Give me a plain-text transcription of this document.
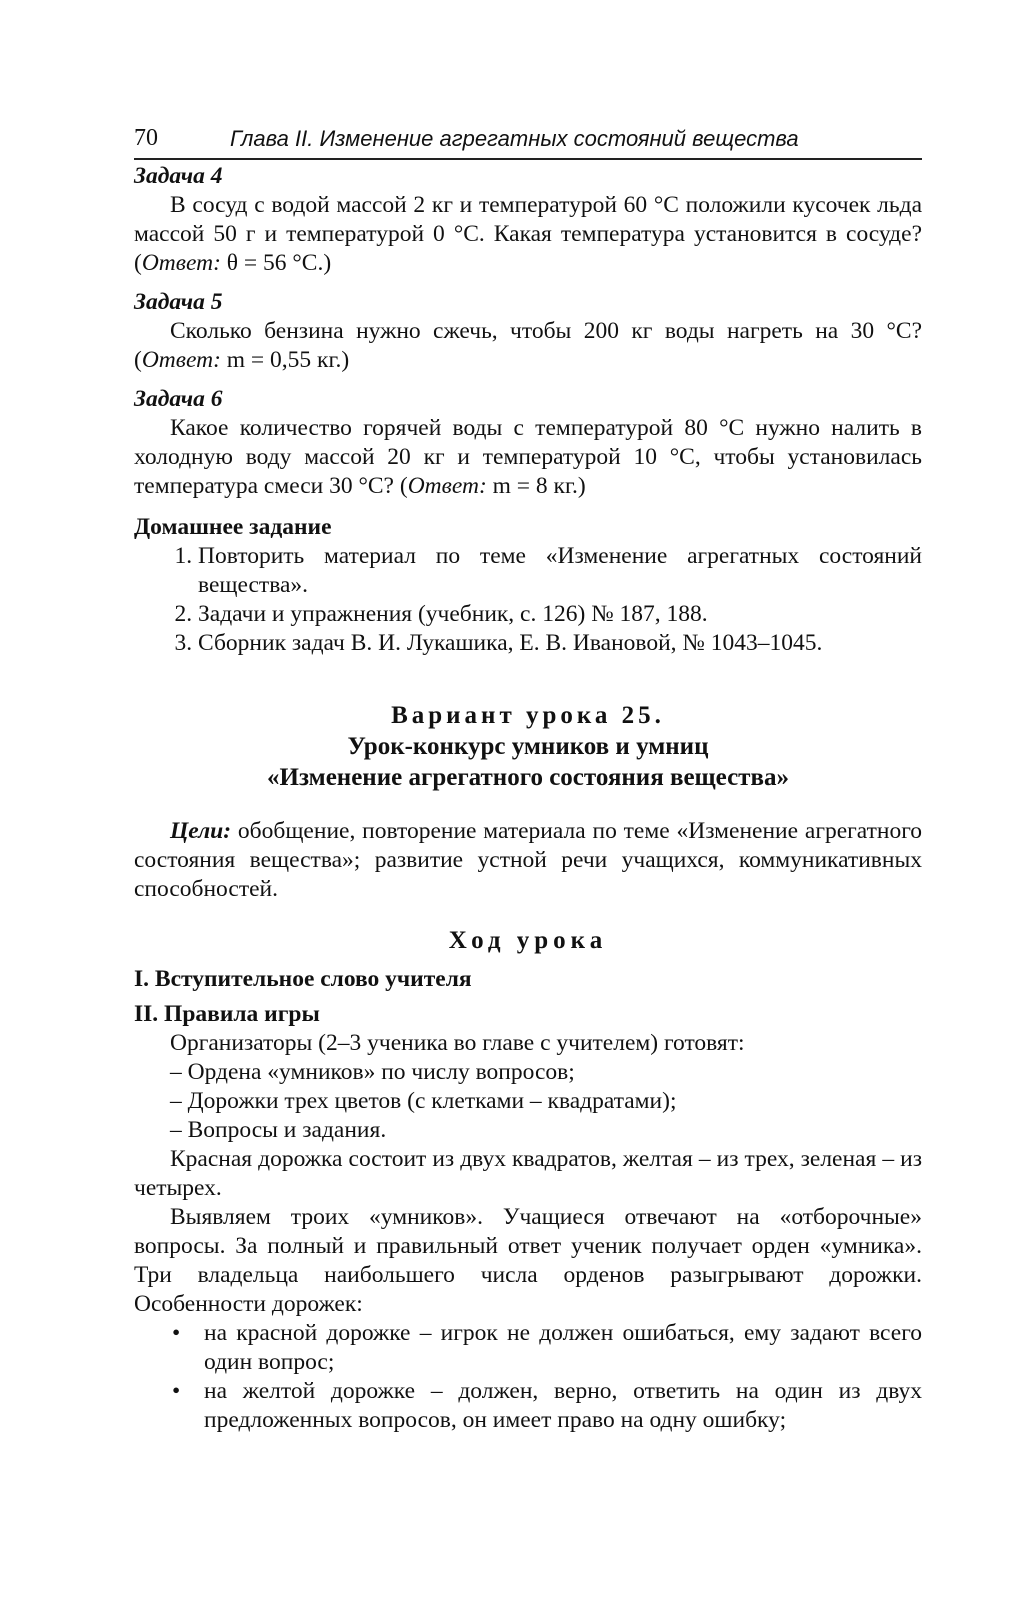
70	Глава II. Изменение агрегатных состояний вещества
Задача 4

В сосуд с водой массой 2 кг и температурой 60 °C положили кусочек льда массой 50 г и температурой 0 °C. Какая температура установится в сосуде? (Ответ: θ = 56 °C.)

Задача 5

Сколько бензина нужно сжечь, чтобы 200 кг воды нагреть на 30 °C? (Ответ: m = 0,55 кг.)

Задача 6

Какое количество горячей воды с температурой 80 °C нужно налить в холодную воду массой 20 кг и температурой 10 °C, чтобы установилась температура смеси 30 °C? (Ответ: m = 8 кг.)

Домашнее задание
1. Повторить материал по теме «Изменение агрегатных состояний вещества».
2. Задачи и упражнения (учебник, с. 126) № 187, 188.
3. Сборник задач В. И. Лукашика, Е. В. Ивановой, № 1043–1045.
Вариант урока 25.
Урок-конкурс умников и умниц
«Изменение агрегатного состояния вещества»

Цели: обобщение, повторение материала по теме «Изменение агрегатного состояния вещества»; развитие устной речи учащихся, коммуникативных способностей.

Ход урока
I. Вступительное слово учителя
II. Правила игры

Организаторы (2–3 ученика во главе с учителем) готовят:

– Ордена «умников» по числу вопросов;
– Дорожки трех цветов (с клетками – квадратами);
– Вопросы и задания.

Красная дорожка состоит из двух квадратов, желтая – из трех, зеленая – из четырех.

Выявляем троих «умников». Учащиеся отвечают на «отборочные» вопросы. За полный и правильный ответ ученик получает орден «умника». Три владельца наибольшего числа орденов разыгрывают дорожки. Особенности дорожек:

• на красной дорожке – игрок не должен ошибаться, ему задают всего один вопрос;
• на желтой дорожке – должен, верно, ответить на один из двух предложенных вопросов, он имеет право на одну ошибку;
